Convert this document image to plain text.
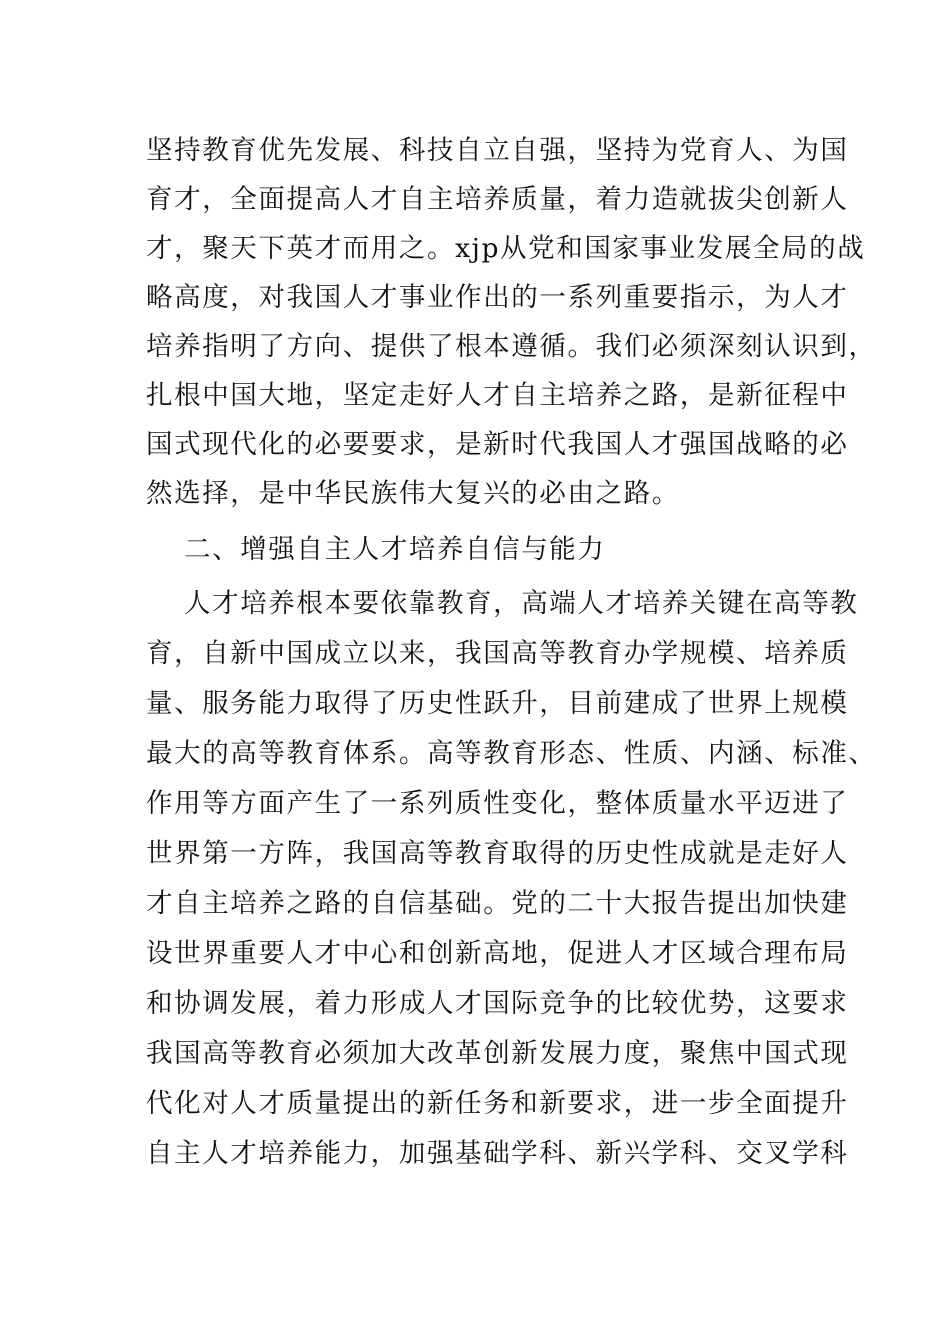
坚持教育优先发展、科技自立自强，坚持为党育人、为国
育才，全面提高人才自主培养质量，着力造就拔尖创新人
才，聚天下英才而用之。xjp从党和国家事业发展全局的战
略高度，对我国人才事业作出的一系列重要指示，为人才
培养指明了方向、提供了根本遵循。我们必须深刻认识到，
扎根中国大地，坚定走好人才自主培养之路，是新征程中
国式现代化的必要要求，是新时代我国人才强国战略的必
然选择，是中华民族伟大复兴的必由之路。
二、增强自主人才培养自信与能力
人才培养根本要依靠教育，高端人才培养关键在高等教
育，自新中国成立以来，我国高等教育办学规模、培养质
量、服务能力取得了历史性跃升，目前建成了世界上规模
最大的高等教育体系。高等教育形态、性质、内涵、标准、
作用等方面产生了一系列质性变化，整体质量水平迈进了
世界第一方阵，我国高等教育取得的历史性成就是走好人
才自主培养之路的自信基础。党的二十大报告提出加快建
设世界重要人才中心和创新高地，促进人才区域合理布局
和协调发展，着力形成人才国际竞争的比较优势，这要求
我国高等教育必须加大改革创新发展力度，聚焦中国式现
代化对人才质量提出的新任务和新要求，进一步全面提升
自主人才培养能力，加强基础学科、新兴学科、交叉学科
